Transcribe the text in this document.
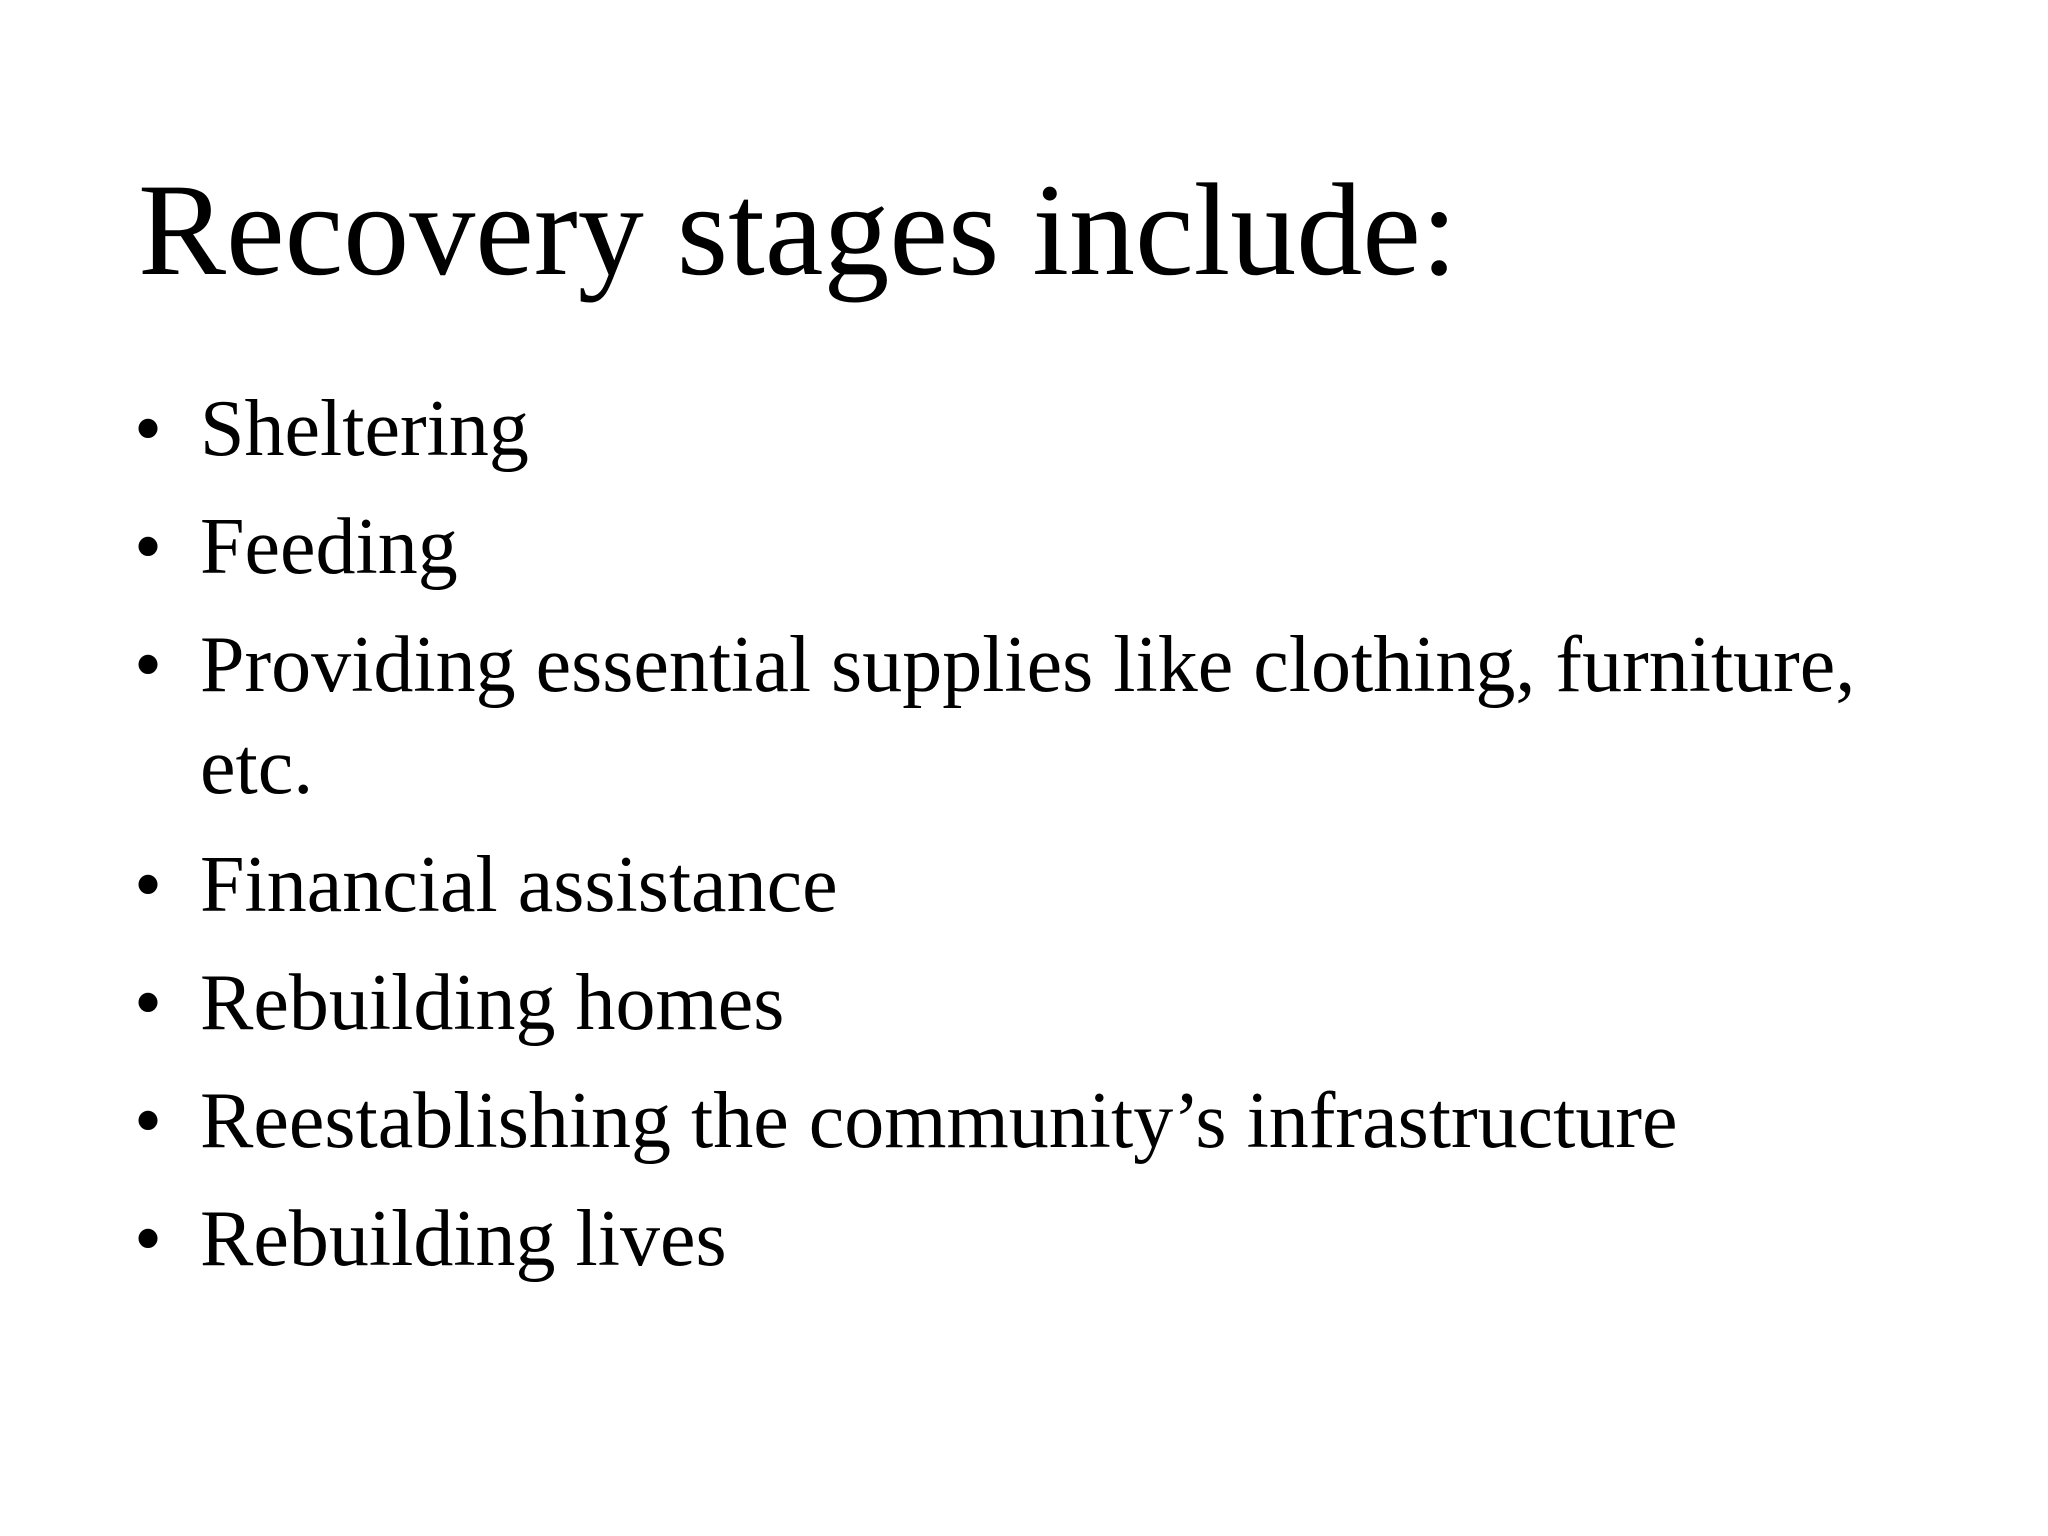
Recovery stages include:
• Sheltering
• Feeding
• Providing essential supplies like clothing, furniture, etc.
• Financial assistance
• Rebuilding homes
• Reestablishing the community’s infrastructure
• Rebuilding lives
